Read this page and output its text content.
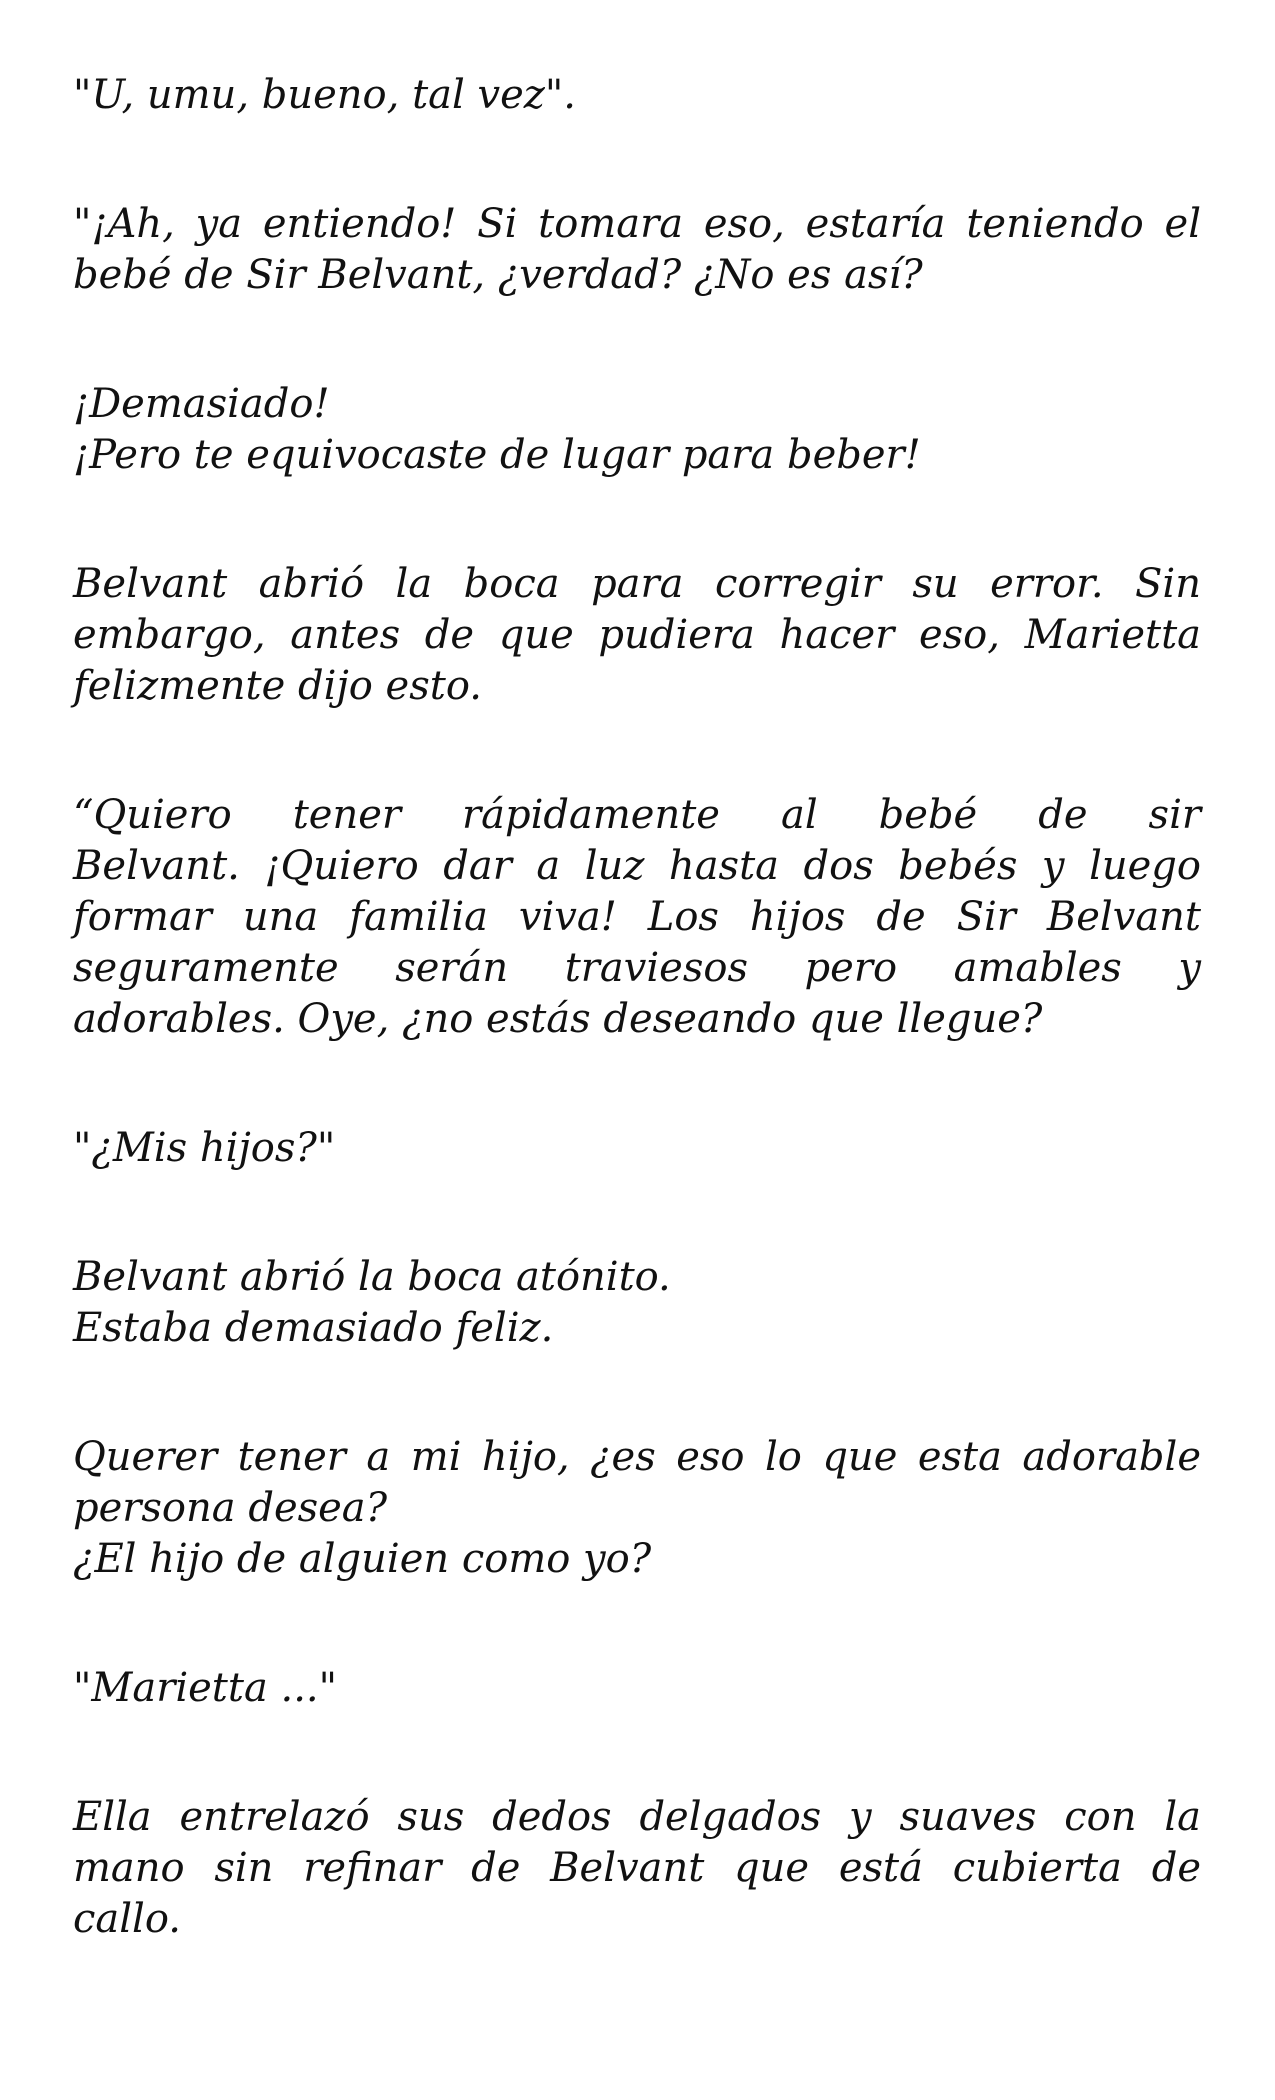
"U, umu, bueno, tal vez".

"¡Ah, ya entiendo! Si tomara eso, estaría teniendo el
bebé de Sir Belvant, ¿verdad? ¿No es así?

¡Demasiado!
¡Pero te equivocaste de lugar para beber!

Belvant abrió la boca para corregir su error. Sin
embargo, antes de que pudiera hacer eso, Marietta
felizmente dijo esto.

“Quiero tener rápidamente al bebé de sir
Belvant. ¡Quiero dar a luz hasta dos bebés y luego
formar una familia viva! Los hijos de Sir Belvant
seguramente serán traviesos pero amables y
adorables. Oye, ¿no estás deseando que llegue?

"¿Mis hijos?"

Belvant abrió la boca atónito.
Estaba demasiado feliz.

Querer tener a mi hijo, ¿es eso lo que esta adorable
persona desea?
¿El hijo de alguien como yo?

"Marietta ..."

Ella entrelazó sus dedos delgados y suaves con la
mano sin refinar de Belvant que está cubierta de
callo.
